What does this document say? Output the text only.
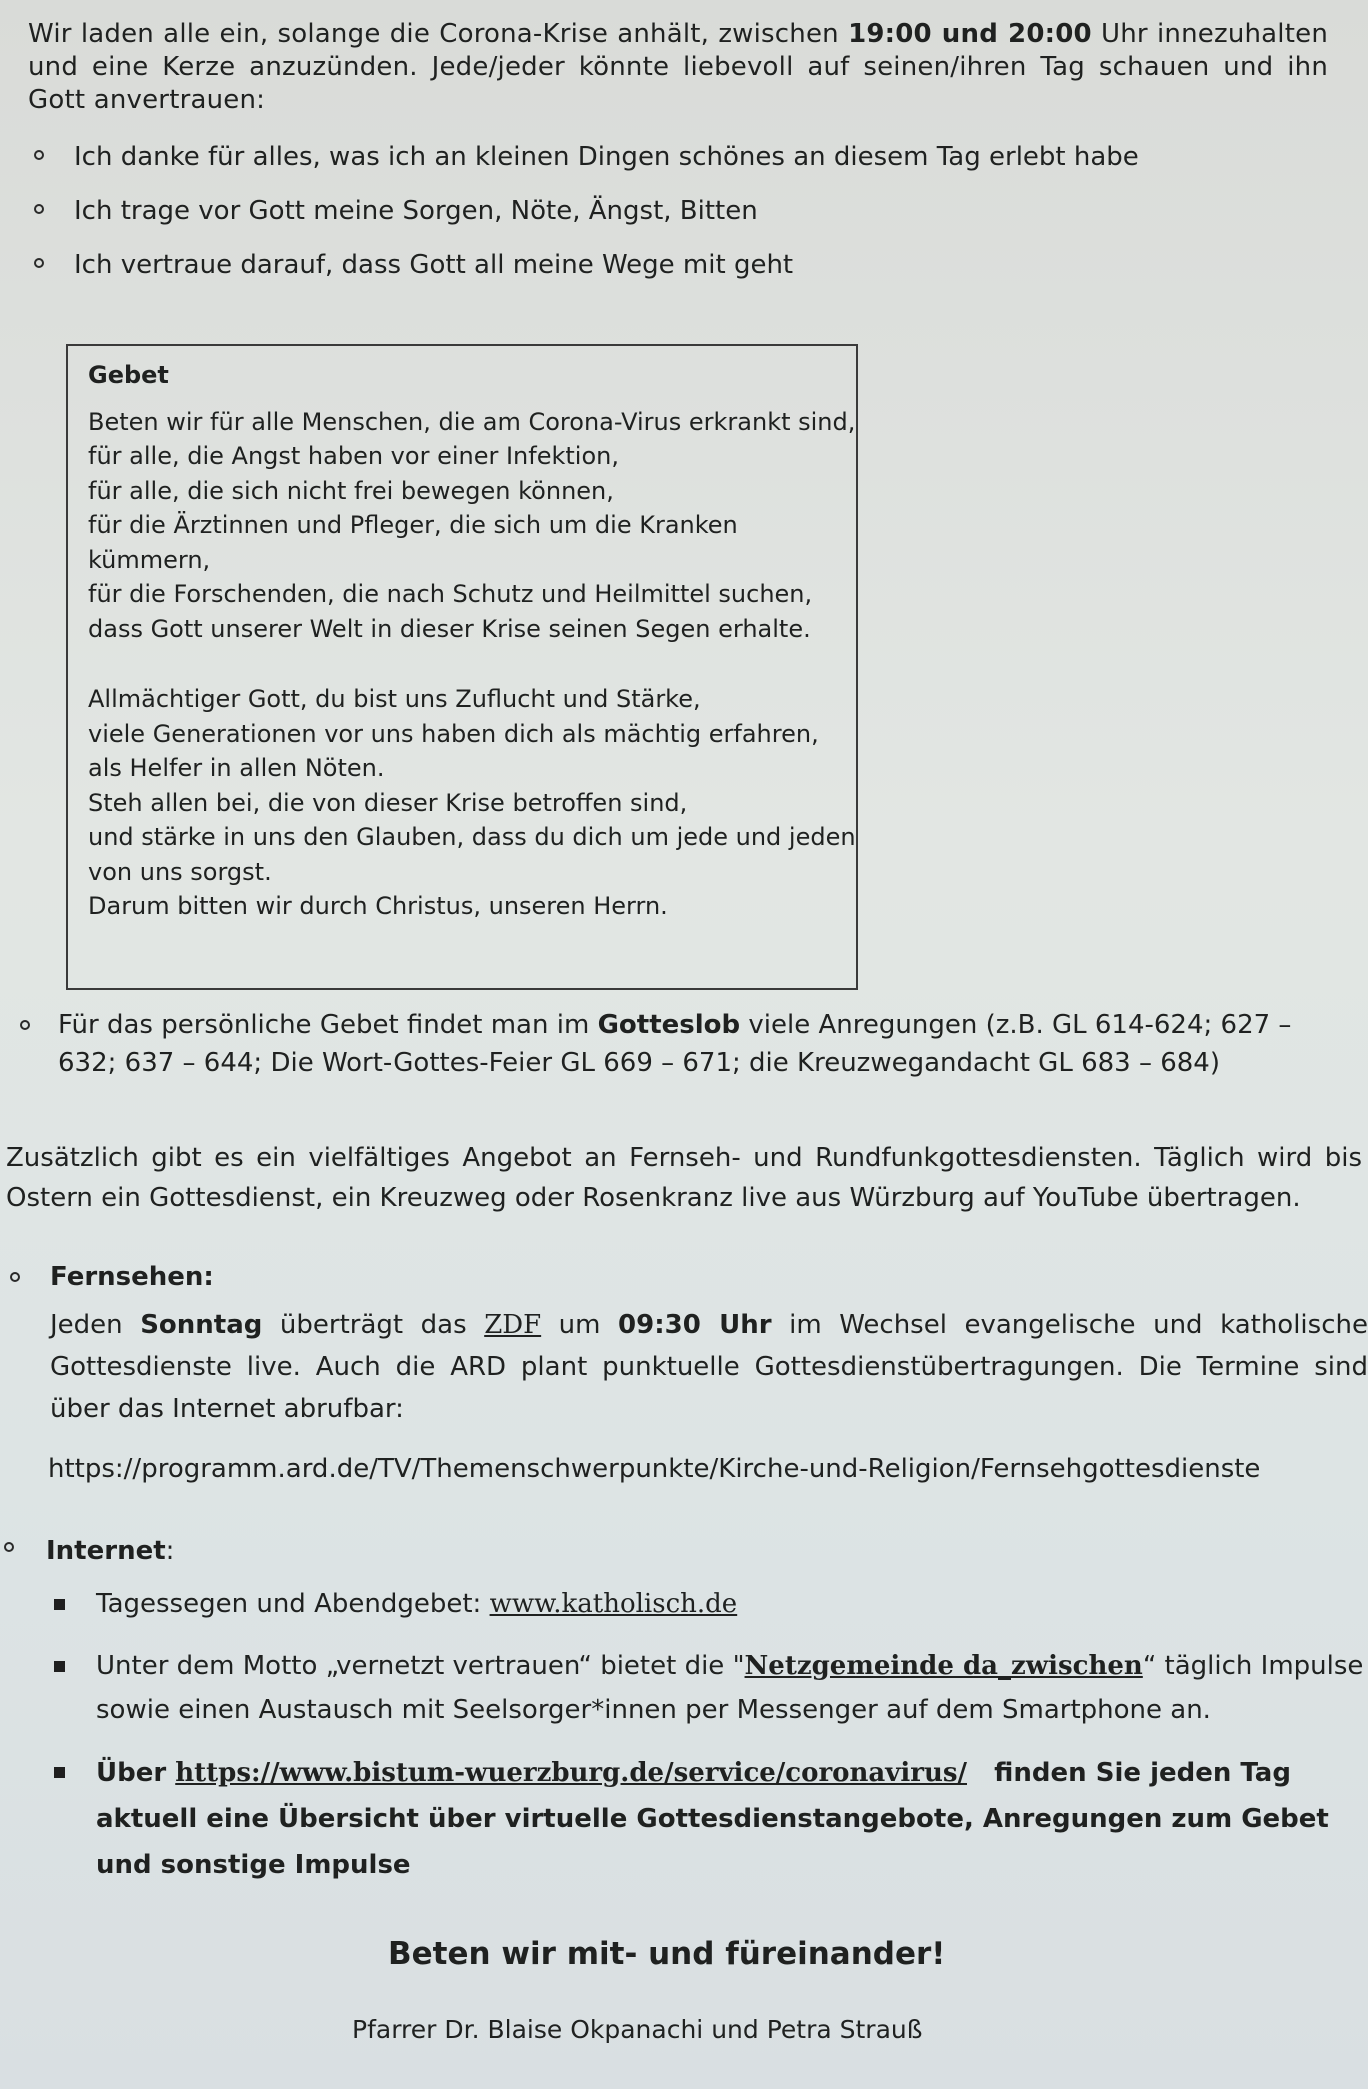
Wir laden alle ein, solange die Corona-Krise anhält, zwischen 19:00 und 20:00 Uhr innezuhalten und eine Kerze anzuzünden. Jede/jeder könnte liebevoll auf seinen/ihren Tag schauen und ihn Gott anvertrauen:
Ich danke für alles, was ich an kleinen Dingen schönes an diesem Tag erlebt habe
Ich trage vor Gott meine Sorgen, Nöte, Ängst, Bitten
Ich vertraue darauf, dass Gott all meine Wege mit geht
Gebet
Beten wir für alle Menschen, die am Corona-Virus erkrankt sind,
für alle, die Angst haben vor einer Infektion,
für alle, die sich nicht frei bewegen können,
für die Ärztinnen und Pfleger, die sich um die Kranken
kümmern,
für die Forschenden, die nach Schutz und Heilmittel suchen,
dass Gott unserer Welt in dieser Krise seinen Segen erhalte.
Allmächtiger Gott, du bist uns Zuflucht und Stärke,
viele Generationen vor uns haben dich als mächtig erfahren,
als Helfer in allen Nöten.
Steh allen bei, die von dieser Krise betroffen sind,
und stärke in uns den Glauben, dass du dich um jede und jeden
von uns sorgst.
Darum bitten wir durch Christus, unseren Herrn.
Für das persönliche Gebet findet man im Gotteslob viele Anregungen (z.B. GL 614-624; 627 – 632; 637 – 644; Die Wort-Gottes-Feier GL 669 – 671; die Kreuzwegandacht GL 683 – 684)
Zusätzlich gibt es ein vielfältiges Angebot an Fernseh- und Rundfunkgottesdiensten. Täglich wird bis Ostern ein Gottesdienst, ein Kreuzweg oder Rosenkranz live aus Würzburg auf YouTube übertragen.
Fernsehen:
Jeden Sonntag überträgt das ZDF um 09:30 Uhr im Wechsel evangelische und katholische Gottesdienste live. Auch die ARD plant punktuelle Gottesdienstübertragungen. Die Termine sind über das Internet abrufbar:
https://programm.ard.de/TV/Themenschwerpunkte/Kirche-und-Religion/Fernsehgottesdienste
Internet:
Tagessegen und Abendgebet: www.katholisch.de
Unter dem Motto „vernetzt vertrauen“ bietet die "Netzgemeinde da_zwischen“ täglich Impulse sowie einen Austausch mit Seelsorger*innen per Messenger auf dem Smartphone an.
Über https://www.bistum-wuerzburg.de/service/coronavirus/   finden Sie jeden Tag aktuell eine Übersicht über virtuelle Gottesdienstangebote, Anregungen zum Gebet und sonstige Impulse
Beten wir mit- und füreinander!
Pfarrer Dr. Blaise Okpanachi und Petra Strauß
